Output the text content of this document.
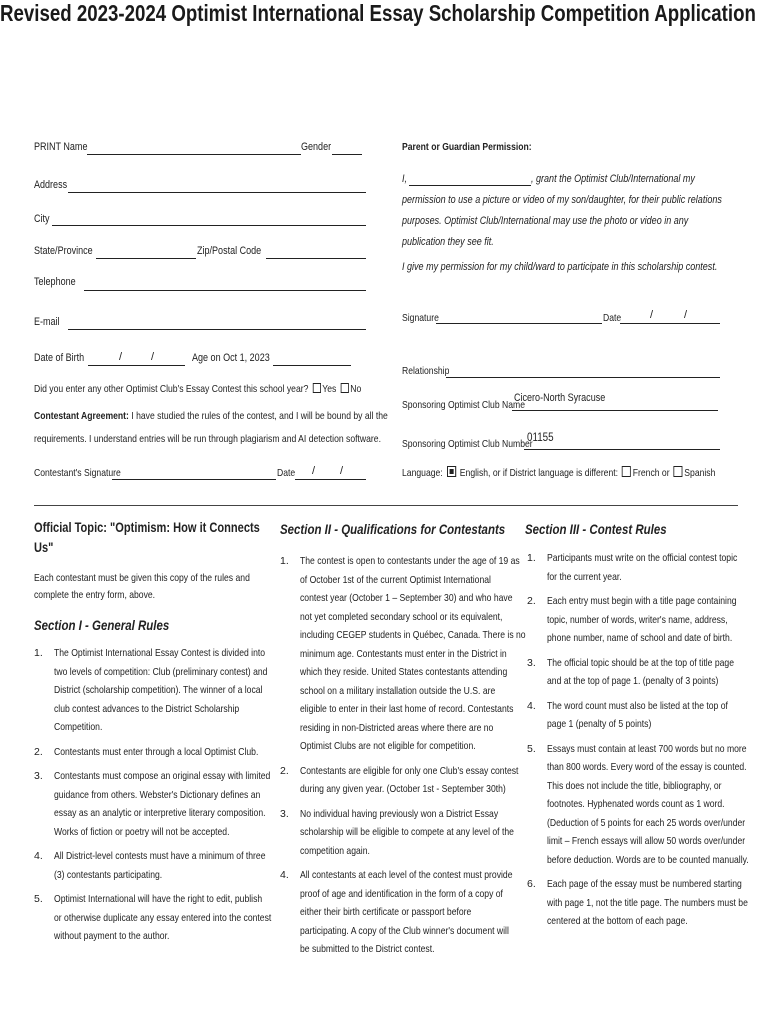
Revised 2023-2024 Optimist International Essay Scholarship Competition Application
PRINT Name	Gender
Address
City
State/Province	Zip/Postal Code
Telephone
E-mail
Date of Birth	/	/	Age on Oct 1, 2023
Did you enter any other Optimist Club's Essay Contest this school year? Yes No
Contestant Agreement: I have studied the rules of the contest, and I will be bound by all the
requirements. I understand entries will be run through plagiarism and AI detection software.
Contestant's Signature	Date / /
Parent or Guardian Permission:
I,	, grant the Optimist Club/International my
permission to use a picture or video of my son/daughter, for their public relations
purposes. Optimist Club/International may use the photo or video in any
publication they see fit.
I give my permission for my child/ward to participate in this scholarship contest.
Signature	Date	/	/
Relationship
Sponsoring Optimist Club Name
Cicero-North Syracuse
Sponsoring Optimist Club Number
01155
Language: English, or if District language is different: French or Spanish
Official Topic: "Optimism: How it Connects
Us"
Each contestant must be given this copy of the rules and
complete the entry form, above.
Section I - General Rules
1. The Optimist International Essay Contest is divided into
two levels of competition: Club (preliminary contest) and
District (scholarship competition). The winner of a local
club contest advances to the District Scholarship
Competition.
2. Contestants must enter through a local Optimist Club.
3. Contestants must compose an original essay with limited
guidance from others. Webster's Dictionary defines an
essay as an analytic or interpretive literary composition.
Works of fiction or poetry will not be accepted.
4. All District-level contests must have a minimum of three
(3) contestants participating.
5. Optimist International will have the right to edit, publish
or otherwise duplicate any essay entered into the contest
without payment to the author.
Section II - Qualifications for Contestants
1. The contest is open to contestants under the age of 19 as
of October 1st of the current Optimist International
contest year (October 1 – September 30) and who have
not yet completed secondary school or its equivalent,
including CEGEP students in Québec, Canada. There is no
minimum age. Contestants must enter in the District in
which they reside. United States contestants attending
school on a military installation outside the U.S. are
eligible to enter in their last home of record. Contestants
residing in non-Districted areas where there are no
Optimist Clubs are not eligible for competition.
2. Contestants are eligible for only one Club's essay contest
during any given year. (October 1st - September 30th)
3. No individual having previously won a District Essay
scholarship will be eligible to compete at any level of the
competition again.
4. All contestants at each level of the contest must provide
proof of age and identification in the form of a copy of
either their birth certificate or passport before
participating. A copy of the Club winner's document will
be submitted to the District contest.
Section III - Contest Rules
1. Participants must write on the official contest topic
for the current year.
2. Each entry must begin with a title page containing
topic, number of words, writer's name, address,
phone number, name of school and date of birth.
3. The official topic should be at the top of title page
and at the top of page 1. (penalty of 3 points)
4. The word count must also be listed at the top of
page 1 (penalty of 5 points)
5. Essays must contain at least 700 words but no more
than 800 words. Every word of the essay is counted.
This does not include the title, bibliography, or
footnotes. Hyphenated words count as 1 word.
(Deduction of 5 points for each 25 words over/under
limit – French essays will allow 50 words over/under
before deduction. Words are to be counted manually.
6. Each page of the essay must be numbered starting
with page 1, not the title page. The numbers must be
centered at the bottom of each page.
